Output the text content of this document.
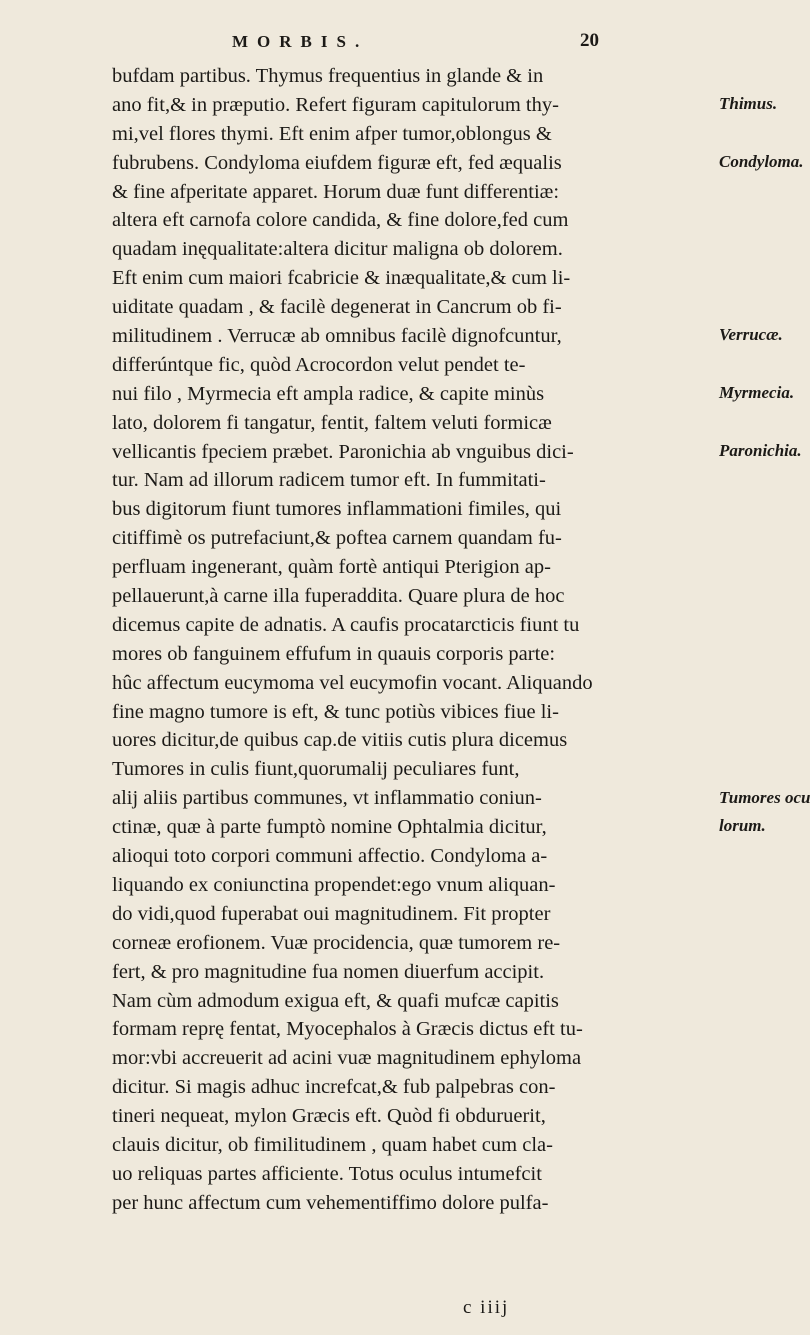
MORBIS.	20
bufdam partibus. Thymus frequentius in glande & in
ano fit,& in præputio. Refert figuram capitulorum thy-
mi,vel flores thymi. Eft enim afper tumor,oblongus &
fubrubens. Condyloma eiufdem figuræ eft, fed æqualis
& fine afperitate apparet. Horum duæ funt differentiæ:
altera eft carnofa colore candida, & fine dolore,fed cum
quadam inęqualitate:altera dicitur maligna ob dolorem.
Eft enim cum maiori fcabricie & inæqualitate,& cum li-
uiditate quadam , & facilè degenerat in Cancrum ob fi-
militudinem . Verrucæ ab omnibus facilè dignofcuntur,
differúntque fic, quòd Acrocordon velut pendet te-
nui filo , Myrmecia eft ampla radice, & capite minùs
lato, dolorem fi tangatur, fentit, faltem veluti formicæ
vellicantis fpeciem præbet. Paronichia ab vnguibus dici-
tur. Nam ad illorum radicem tumor eft. In fummitati-
bus digitorum fiunt tumores inflammationi fimiles, qui
citiffimè os putrefaciunt,& poftea carnem quandam fu-
perfluam ingenerant, quàm fortè antiqui Pterigion ap-
pellauerunt,à carne illa fuperaddita. Quare plura de hoc
dicemus capite de adnatis. A caufis procatarcticis fiunt tu
mores ob fanguinem effufum in quauis corporis parte:
hûc affectum eucymoma vel eucymofin vocant. Aliquando
fine magno tumore is eft, & tunc potiùs vibices fiue li-
uores dicitur,de quibus cap.de vitiis cutis plura dicemus
Tumores in culis fiunt,quorumalij peculiares funt,
alij aliis partibus communes, vt inflammatio coniun-
ctinæ, quæ à parte fumptò nomine Ophtalmia dicitur,
alioqui toto corpori communi affectio. Condyloma a-
liquando ex coniunctina propendet:ego vnum aliquan-
do vidi,quod fuperabat oui magnitudinem. Fit propter
corneæ erofionem. Vuæ procidencia, quæ tumorem re-
fert, & pro magnitudine fua nomen diuerfum accipit.
Nam cùm admodum exigua eft, & quafi mufcæ capitis
formam reprę fentat, Myocephalos à Græcis dictus eft tu-
mor:vbi accreuerit ad acini vuæ magnitudinem ephyloma
dicitur. Si magis adhuc increfcat,& fub palpebras con-
tineri nequeat, mylon Græcis eft. Quòd fi obduruerit,
clauis dicitur, ob fimilitudinem , quam habet cum cla-
uo reliquas partes afficiente. Totus oculus intumefcit
per hunc affectum cum vehementiffimo dolore pulfa-
Thimus.
Condyloma.
Verrucæ.
Myrmecia.
Paronichia.
Tumores ocu
lorum.
c iiij
